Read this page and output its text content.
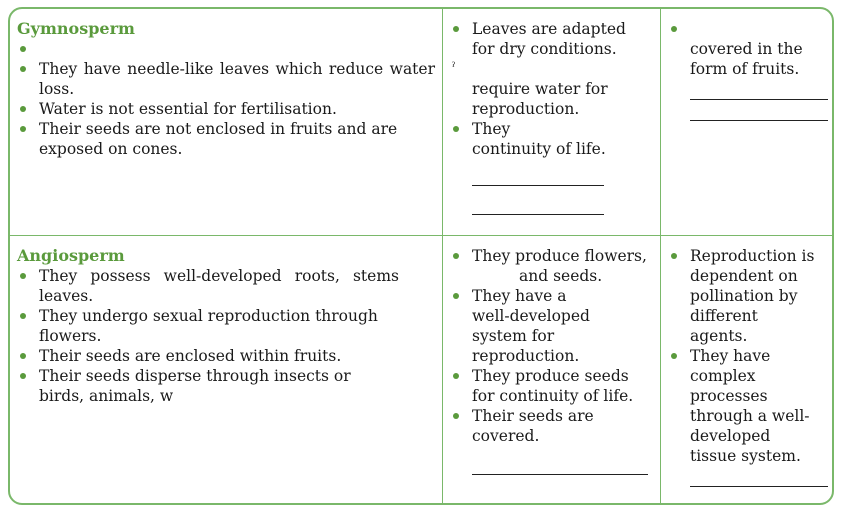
Gymnosperm
They have needle-like leaves which reduce water loss.
Water is not essential for fertilisation.
Their seeds are not enclosed in fruits and are exposed on cones.
Leaves are adapted for dry conditions.
ˀ
require water for reproduction.
They
continuity of life.
covered in the form of fruits.
Angiosperm
They possess well-developed roots, stems
leaves.
They undergo sexual reproduction through flowers.
Their seeds are enclosed within fruits.
Their seeds disperse through insects or birds, animals, w
They produce flowers,
and seeds.
They have a well-developed system for reproduction.
They produce seeds for continuity of life.
Their seeds are covered.
Reproduction is dependent on pollination by different agents.
They have complex processes through a well-developed tissue system.
